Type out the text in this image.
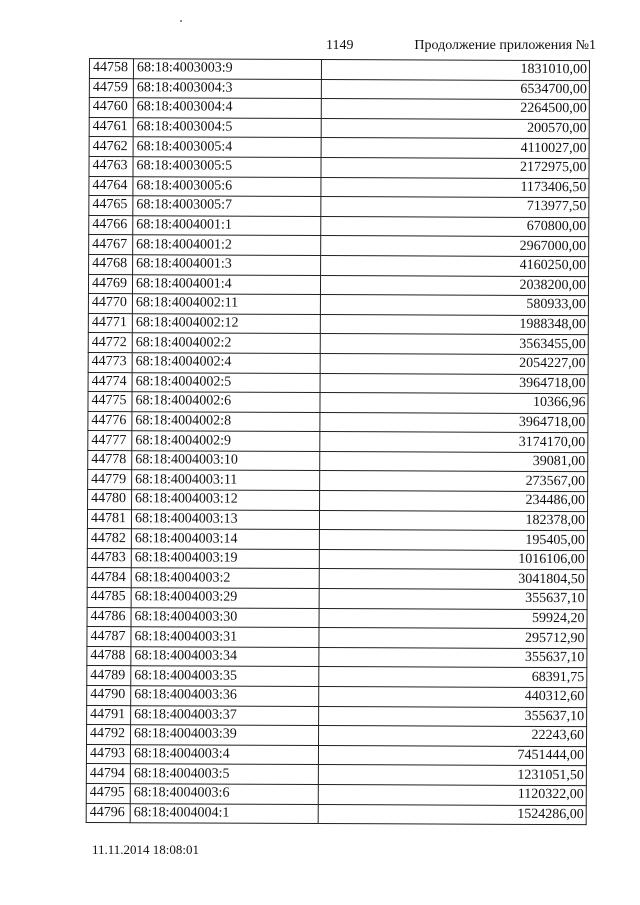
1149	Продолжение приложения №1
44758	68:18:4003003:9	1831010,00
44759	68:18:4003004:3	6534700,00
44760	68:18:4003004:4	2264500,00
44761	68:18:4003004:5	200570,00
44762	68:18:4003005:4	4110027,00
44763	68:18:4003005:5	2172975,00
44764	68:18:4003005:6	1173406,50
44765	68:18:4003005:7	713977,50
44766	68:18:4004001:1	670800,00
44767	68:18:4004001:2	2967000,00
44768	68:18:4004001:3	4160250,00
44769	68:18:4004001:4	2038200,00
44770	68:18:4004002:11	580933,00
44771	68:18:4004002:12	1988348,00
44772	68:18:4004002:2	3563455,00
44773	68:18:4004002:4	2054227,00
44774	68:18:4004002:5	3964718,00
44775	68:18:4004002:6	10366,96
44776	68:18:4004002:8	3964718,00
44777	68:18:4004002:9	3174170,00
44778	68:18:4004003:10	39081,00
44779	68:18:4004003:11	273567,00
44780	68:18:4004003:12	234486,00
44781	68:18:4004003:13	182378,00
44782	68:18:4004003:14	195405,00
44783	68:18:4004003:19	1016106,00
44784	68:18:4004003:2	3041804,50
44785	68:18:4004003:29	355637,10
44786	68:18:4004003:30	59924,20
44787	68:18:4004003:31	295712,90
44788	68:18:4004003:34	355637,10
44789	68:18:4004003:35	68391,75
44790	68:18:4004003:36	440312,60
44791	68:18:4004003:37	355637,10
44792	68:18:4004003:39	22243,60
44793	68:18:4004003:4	7451444,00
44794	68:18:4004003:5	1231051,50
44795	68:18:4004003:6	1120322,00
44796	68:18:4004004:1	1524286,00
11.11.2014 18:08:01
